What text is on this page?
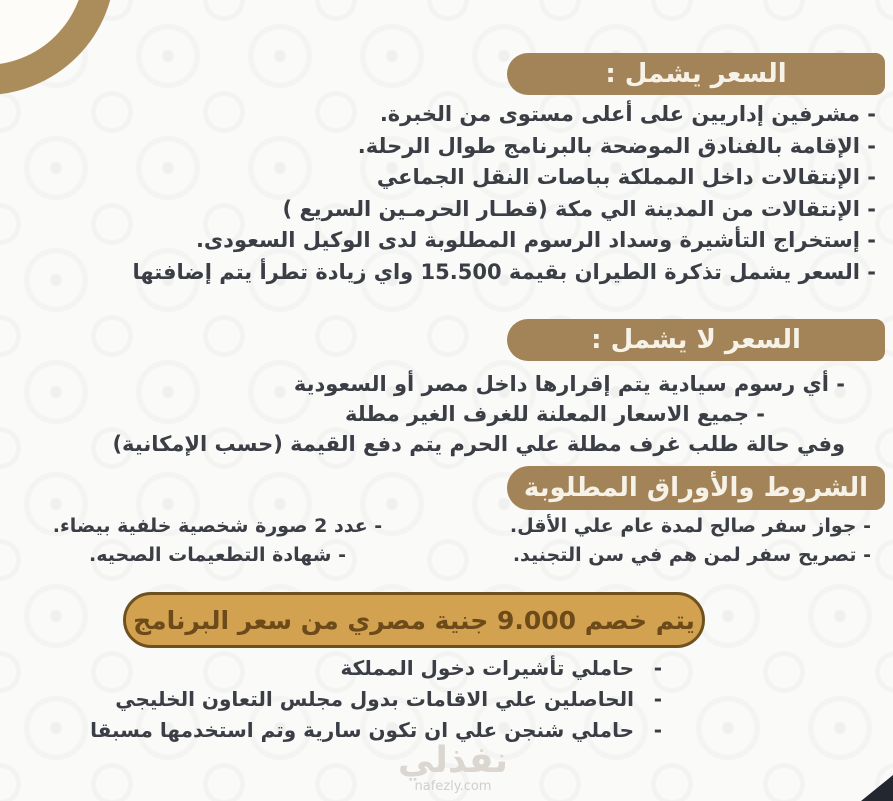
السعر يشمل :
- مشرفين إداريين على أعلى مستوى من الخبرة.
- الإقامة بالفنادق الموضحة بالبرنامج طوال الرحلة.
- الإنتقالات داخل المملكة بباصات النقل الجماعي
- الإنتقالات من المدينة الي مكة (قطـار الحرمـين السريع )
- إستخراج التأشيرة وسداد الرسوم المطلوبة لدى الوكيل السعودى.
- السعر يشمل تذكرة الطيران بقيمة 15.500 واي زيادة تطرأ يتم إضافتها
السعر لا يشمل :
- أي رسوم سيادية يتم إقرارها داخل مصر أو السعودية
- جميع الاسعار المعلنة للغرف الغير مطلة
وفي حالة طلب غرف مطلة علي الحرم يتم دفع القيمة (حسب الإمكانية)
الشروط والأوراق المطلوبة
- جواز سفر صالح لمدة عام علي الأقل.
- تصريح سفر لمن هم في سن التجنيد.
- عدد 2 صورة شخصية خلفية بيضاء.
- شهادة التطعيمات الصحيه.
يتم خصم 9.000 جنية مصري من سعر البرنامج
-
حاملي تأشيرات دخول المملكة
-
الحاصلين علي الاقامات بدول مجلس التعاون الخليجي
-
حاملي شنجن علي ان تكون سارية وتم استخدمها مسبقا
نفذلي
nafezly.com
